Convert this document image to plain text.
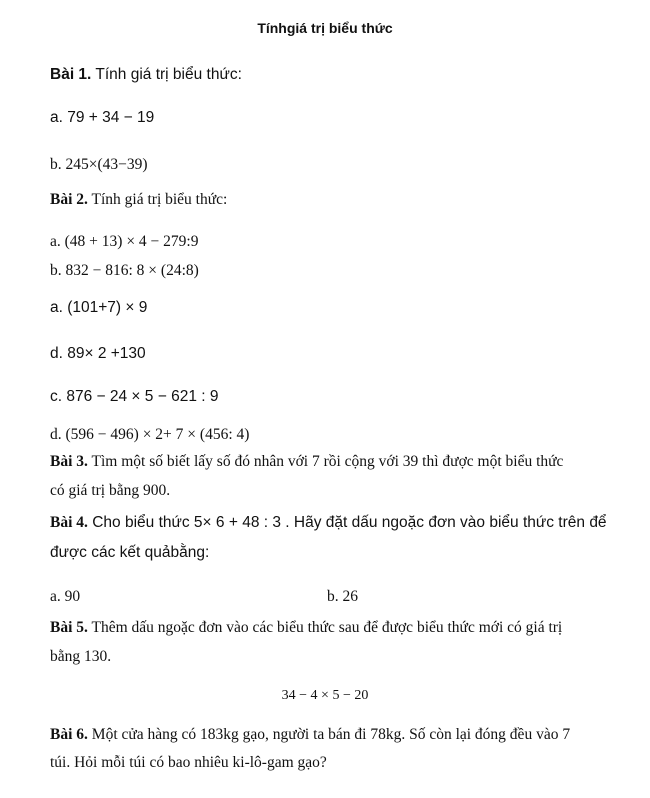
Tínhgiá trị biểu thức
Bài 1. Tính giá trị biểu thức:
a. 79 + 34 − 19
b. 245×(43−39)
Bài 2. Tính giá trị biểu thức:
a. (48 + 13) × 4 − 279:9
b. 832 − 816: 8 × (24:8)
a. (101+7) × 9
d. 89× 2 +130
c. 876 − 24 × 5 − 621 : 9
d. (596 − 496) × 2+ 7 × (456: 4)
Bài 3. Tìm một số biết lấy số đó nhân với 7 rồi cộng với 39 thì được một biểu thức
có giá trị bằng 900.
Bài 4. Cho biểu thức 5× 6 + 48 : 3 . Hãy đặt dấu ngoặc đơn vào biểu thức trên để
được các kết quảbằng:
a. 90	b. 26
Bài 5. Thêm dấu ngoặc đơn vào các biểu thức sau để được biểu thức mới có giá trị
bằng 130.
34 − 4 × 5 − 20
Bài 6. Một cửa hàng có 183kg gạo, người ta bán đi 78kg. Số còn lại đóng đều vào 7
túi. Hỏi mỗi túi có bao nhiêu ki-lô-gam gạo?
